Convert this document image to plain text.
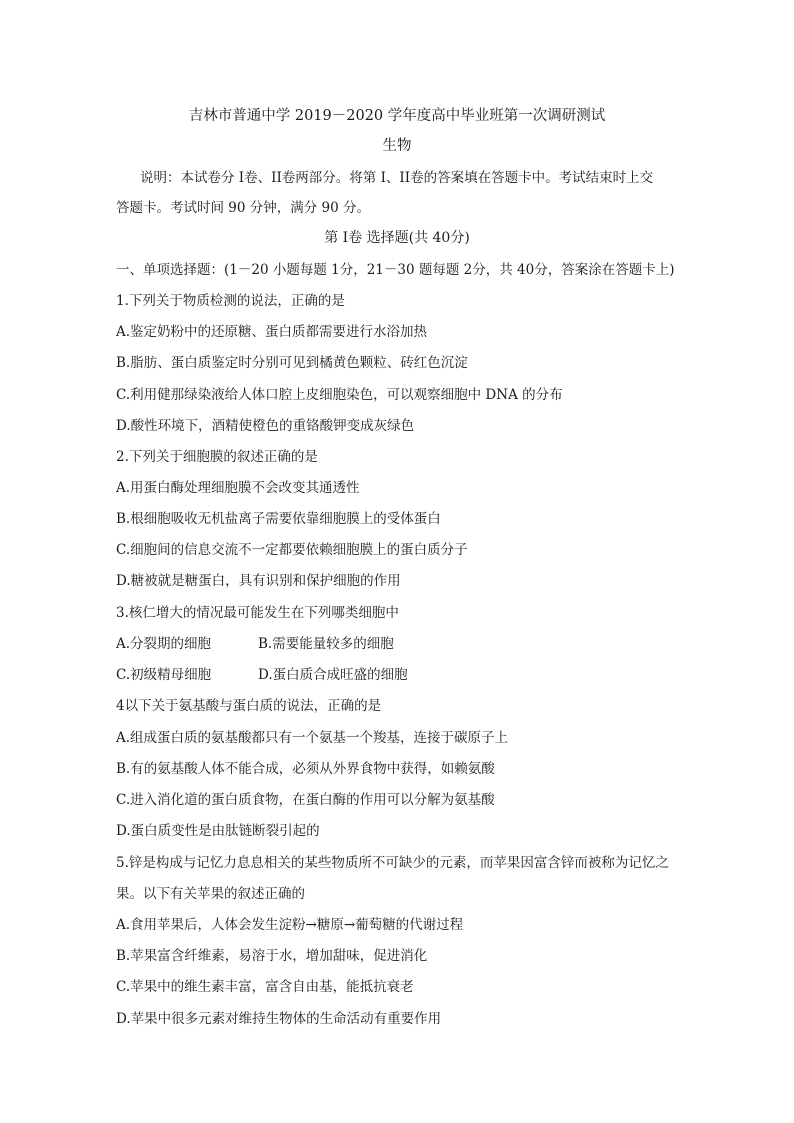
吉林市普通中学 2019－2020 学年度高中毕业班第一次调研测试
生物
说明：本试卷分 I卷、II卷两部分。将第 I、II卷的答案填在答题卡中。考试结束时上交
答题卡。考试时间 90 分钟，满分 90 分。
第 I卷 选择题(共 40分)
一、单项选择题：(1－20 小题每题 1分，21－30 题每题 2分，共 40分，答案涂在答题卡上)
1.下列关于物质检测的说法，正确的是
A.鉴定奶粉中的还原糖、蛋白质都需要进行水浴加热
B.脂肪、蛋白质鉴定时分别可见到橘黄色颗粒、砖红色沉淀
C.利用健那绿染液给人体口腔上皮细胞染色，可以观察细胞中 DNA 的分布
D.酸性环境下，酒精使橙色的重铬酸钾变成灰绿色
2.下列关于细胞膜的叙述正确的是
A.用蛋白酶处理细胞膜不会改变其通透性
B.根细胞吸收无机盐离子需要依靠细胞膜上的受体蛋白
C.细胞间的信息交流不一定都要依赖细胞膜上的蛋白质分子
D.糖被就是糖蛋白，具有识别和保护细胞的作用
3.核仁增大的情况最可能发生在下列哪类细胞中
A.分裂期的细胞	B.需要能量较多的细胞
C.初级精母细胞	D.蛋白质合成旺盛的细胞
4以下关于氨基酸与蛋白质的说法，正确的是
A.组成蛋白质的氨基酸都只有一个氨基一个羧基，连接于碳原子上
B.有的氨基酸人体不能合成，必须从外界食物中获得，如赖氨酸
C.进入消化道的蛋白质食物，在蛋白酶的作用可以分解为氨基酸
D.蛋白质变性是由肽链断裂引起的
5.锌是构成与记忆力息息相关的某些物质所不可缺少的元素，而苹果因富含锌而被称为记忆之
果。以下有关苹果的叙述正确的
A.食用苹果后，人体会发生淀粉→糖原→葡萄糖的代谢过程
B.苹果富含纤维素，易溶于水，增加甜味，促进消化
C.苹果中的维生素丰富，富含自由基，能抵抗衰老
D.苹果中很多元素对维持生物体的生命活动有重要作用
